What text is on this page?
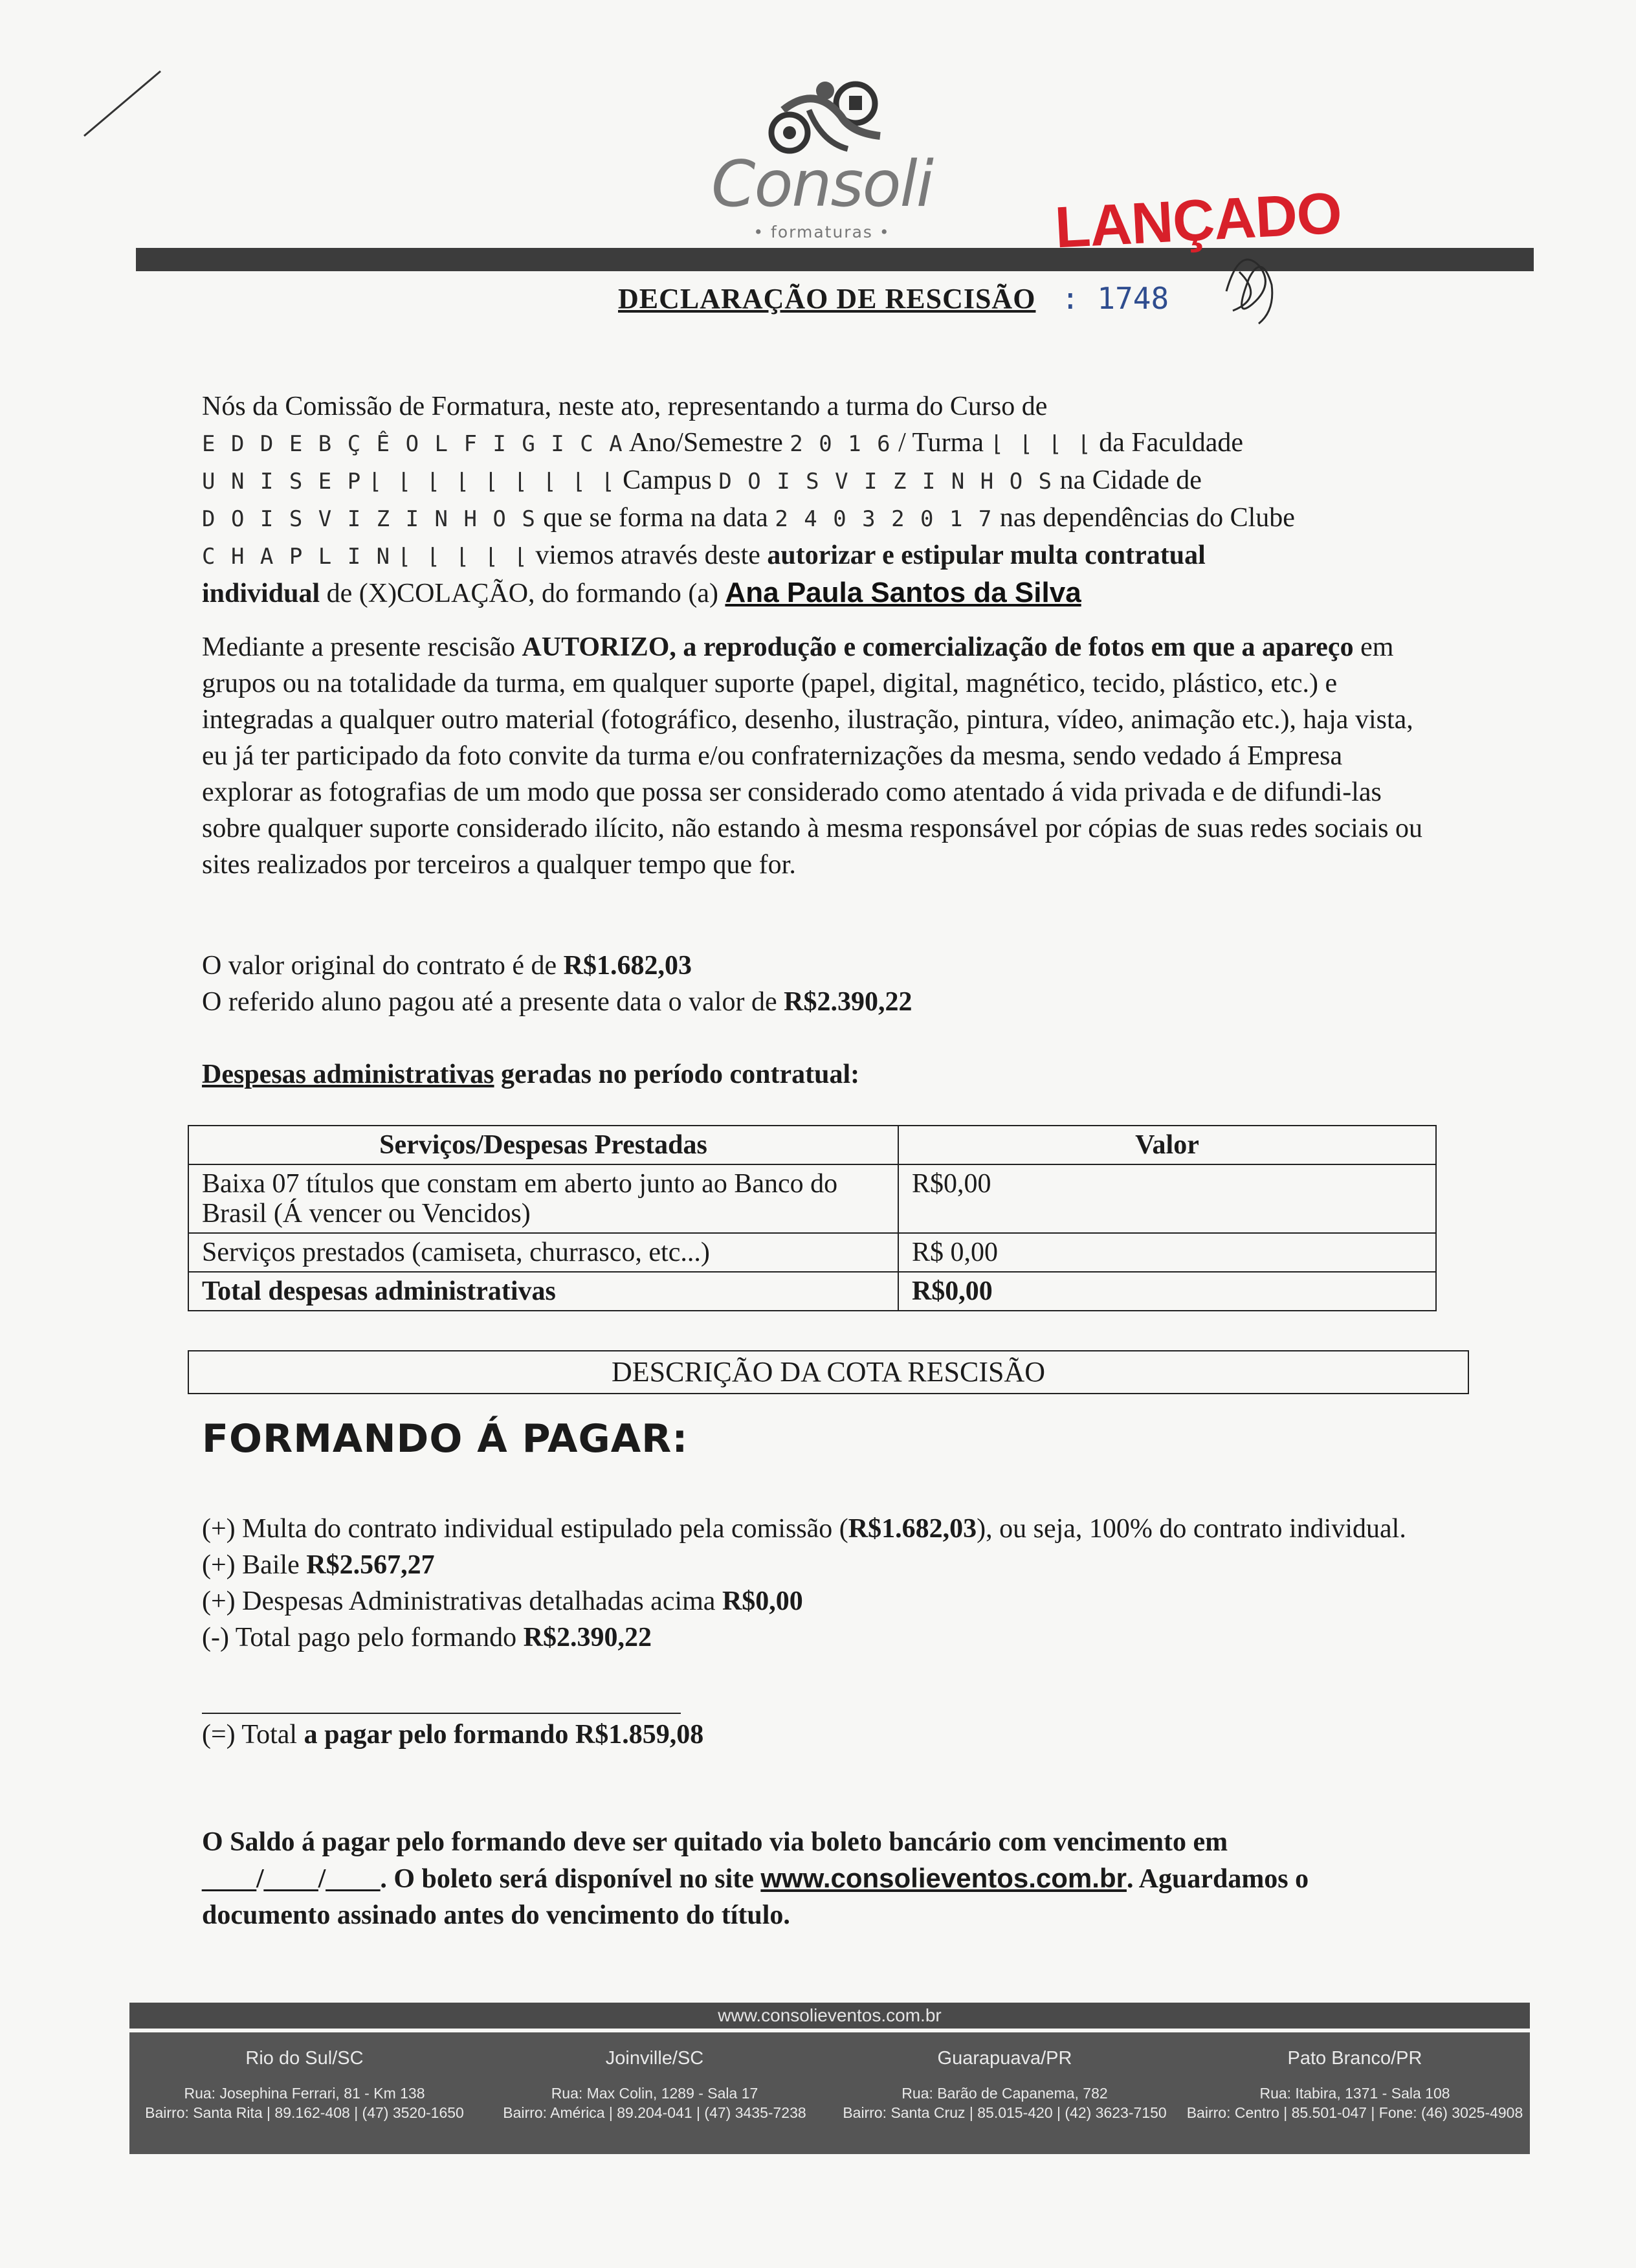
Consoli
• formaturas •	LANÇADO
DECLARAÇÃO DE RESCISÃO : 1748
Nós da Comissão de Formatura, neste ato, representando a turma do Curso de
E D D E B Ç Ê O L F I G I C A Ano/Semestre 2 0 1 6 / Turma ⌊ ⌊ ⌊ ⌊ da Faculdade
U N I S E P ⌊ ⌊ ⌊ ⌊ ⌊ ⌊ ⌊ ⌊ ⌊ Campus D O I S V I Z I N H O S na Cidade de
D O I S V I Z I N H O S que se forma na data 2 4 0 3 2 0 1 7 nas dependências do Clube
C H A P L I N ⌊ ⌊ ⌊ ⌊ ⌊ viemos através deste autorizar e estipular multa contratual
individual de (X)COLAÇÃO, do formando (a) Ana Paula Santos da Silva
Mediante a presente rescisão AUTORIZO, a reprodução e comercialização de fotos em que a apareço em grupos ou na totalidade da turma, em qualquer suporte (papel, digital, magnético, tecido, plástico, etc.) e integradas a qualquer outro material (fotográfico, desenho, ilustração, pintura, vídeo, animação etc.), haja vista, eu já ter participado da foto convite da turma e/ou confraternizações da mesma, sendo vedado á Empresa explorar as fotografias de um modo que possa ser considerado como atentado á vida privada e de difundi-las sobre qualquer suporte considerado ilícito, não estando à mesma responsável por cópias de suas redes sociais ou sites realizados por terceiros a qualquer tempo que for.
O valor original do contrato é de R$1.682,03
O referido aluno pagou até a presente data o valor de R$2.390,22
Despesas administrativas geradas no período contratual:
Serviços/Despesas Prestadas	Valor
Baixa 07 títulos que constam em aberto junto ao Banco do Brasil (Á vencer ou Vencidos)	R$0,00
Serviços prestados (camiseta, churrasco, etc...)	R$ 0,00
Total despesas administrativas	R$0,00
DESCRIÇÃO DA COTA RESCISÃO
FORMANDO Á PAGAR:
(+) Multa do contrato individual estipulado pela comissão (R$1.682,03), ou seja, 100% do contrato individual.
(+) Baile R$2.567,27
(+) Despesas Administrativas detalhadas acima R$0,00
(-) Total pago pelo formando R$2.390,22
(=) Total a pagar pelo formando R$1.859,08
O Saldo á pagar pelo formando deve ser quitado via boleto bancário com vencimento em
____/____/____. O boleto será disponível no site www.consolieventos.com.br. Aguardamos o documento assinado antes do vencimento do título.
www.consolieventos.com.br
Rio do Sul/SC
Rua: Josephina Ferrari, 81 - Km 138
Bairro: Santa Rita | 89.162-408 | (47) 3520-1650
Joinville/SC
Rua: Max Colin, 1289 - Sala 17
Bairro: América | 89.204-041 | (47) 3435-7238
Guarapuava/PR
Rua: Barão de Capanema, 782
Bairro: Santa Cruz | 85.015-420 | (42) 3623-7150
Pato Branco/PR
Rua: Itabira, 1371 - Sala 108
Bairro: Centro | 85.501-047 | Fone: (46) 3025-4908
